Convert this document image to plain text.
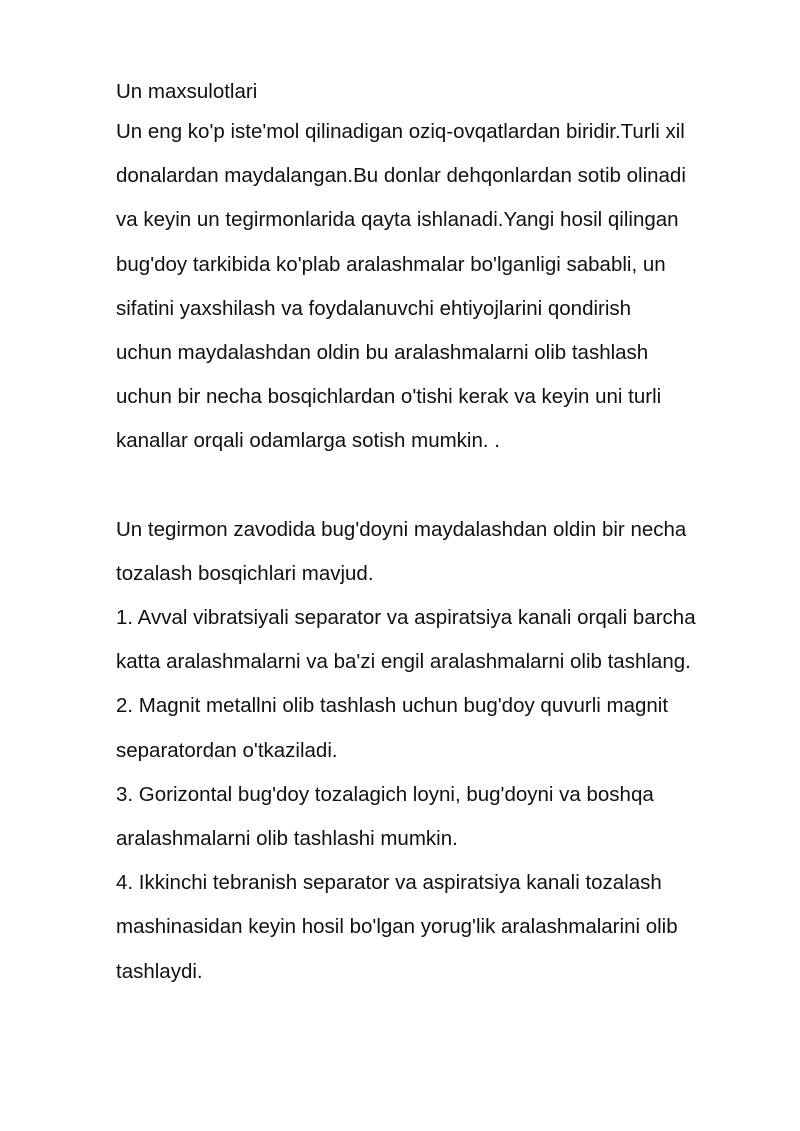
Un maxsulotlari
Un eng ko'p iste'mol qilinadigan oziq-ovqatlardan biridir.Turli xil
donalardan maydalangan.Bu donlar dehqonlardan sotib olinadi
va keyin un tegirmonlarida qayta ishlanadi.Yangi hosil qilingan
bug'doy tarkibida ko'plab aralashmalar bo'lganligi sababli, un
sifatini yaxshilash va foydalanuvchi ehtiyojlarini qondirish
uchun maydalashdan oldin bu aralashmalarni olib tashlash
uchun bir necha bosqichlardan o'tishi kerak va keyin uni turli
kanallar orqali odamlarga sotish mumkin. .
Un tegirmon zavodida bug'doyni maydalashdan oldin bir necha
tozalash bosqichlari mavjud.
1. Avval vibratsiyali separator va aspiratsiya kanali orqali barcha
katta aralashmalarni va ba'zi engil aralashmalarni olib tashlang.
2. Magnit metallni olib tashlash uchun bug'doy quvurli magnit
separatordan o'tkaziladi.
3. Gorizontal bug'doy tozalagich loyni, bug'doyni va boshqa
aralashmalarni olib tashlashi mumkin.
4. Ikkinchi tebranish separator va aspiratsiya kanali tozalash
mashinasidan keyin hosil bo'lgan yorug'lik aralashmalarini olib
tashlaydi.
